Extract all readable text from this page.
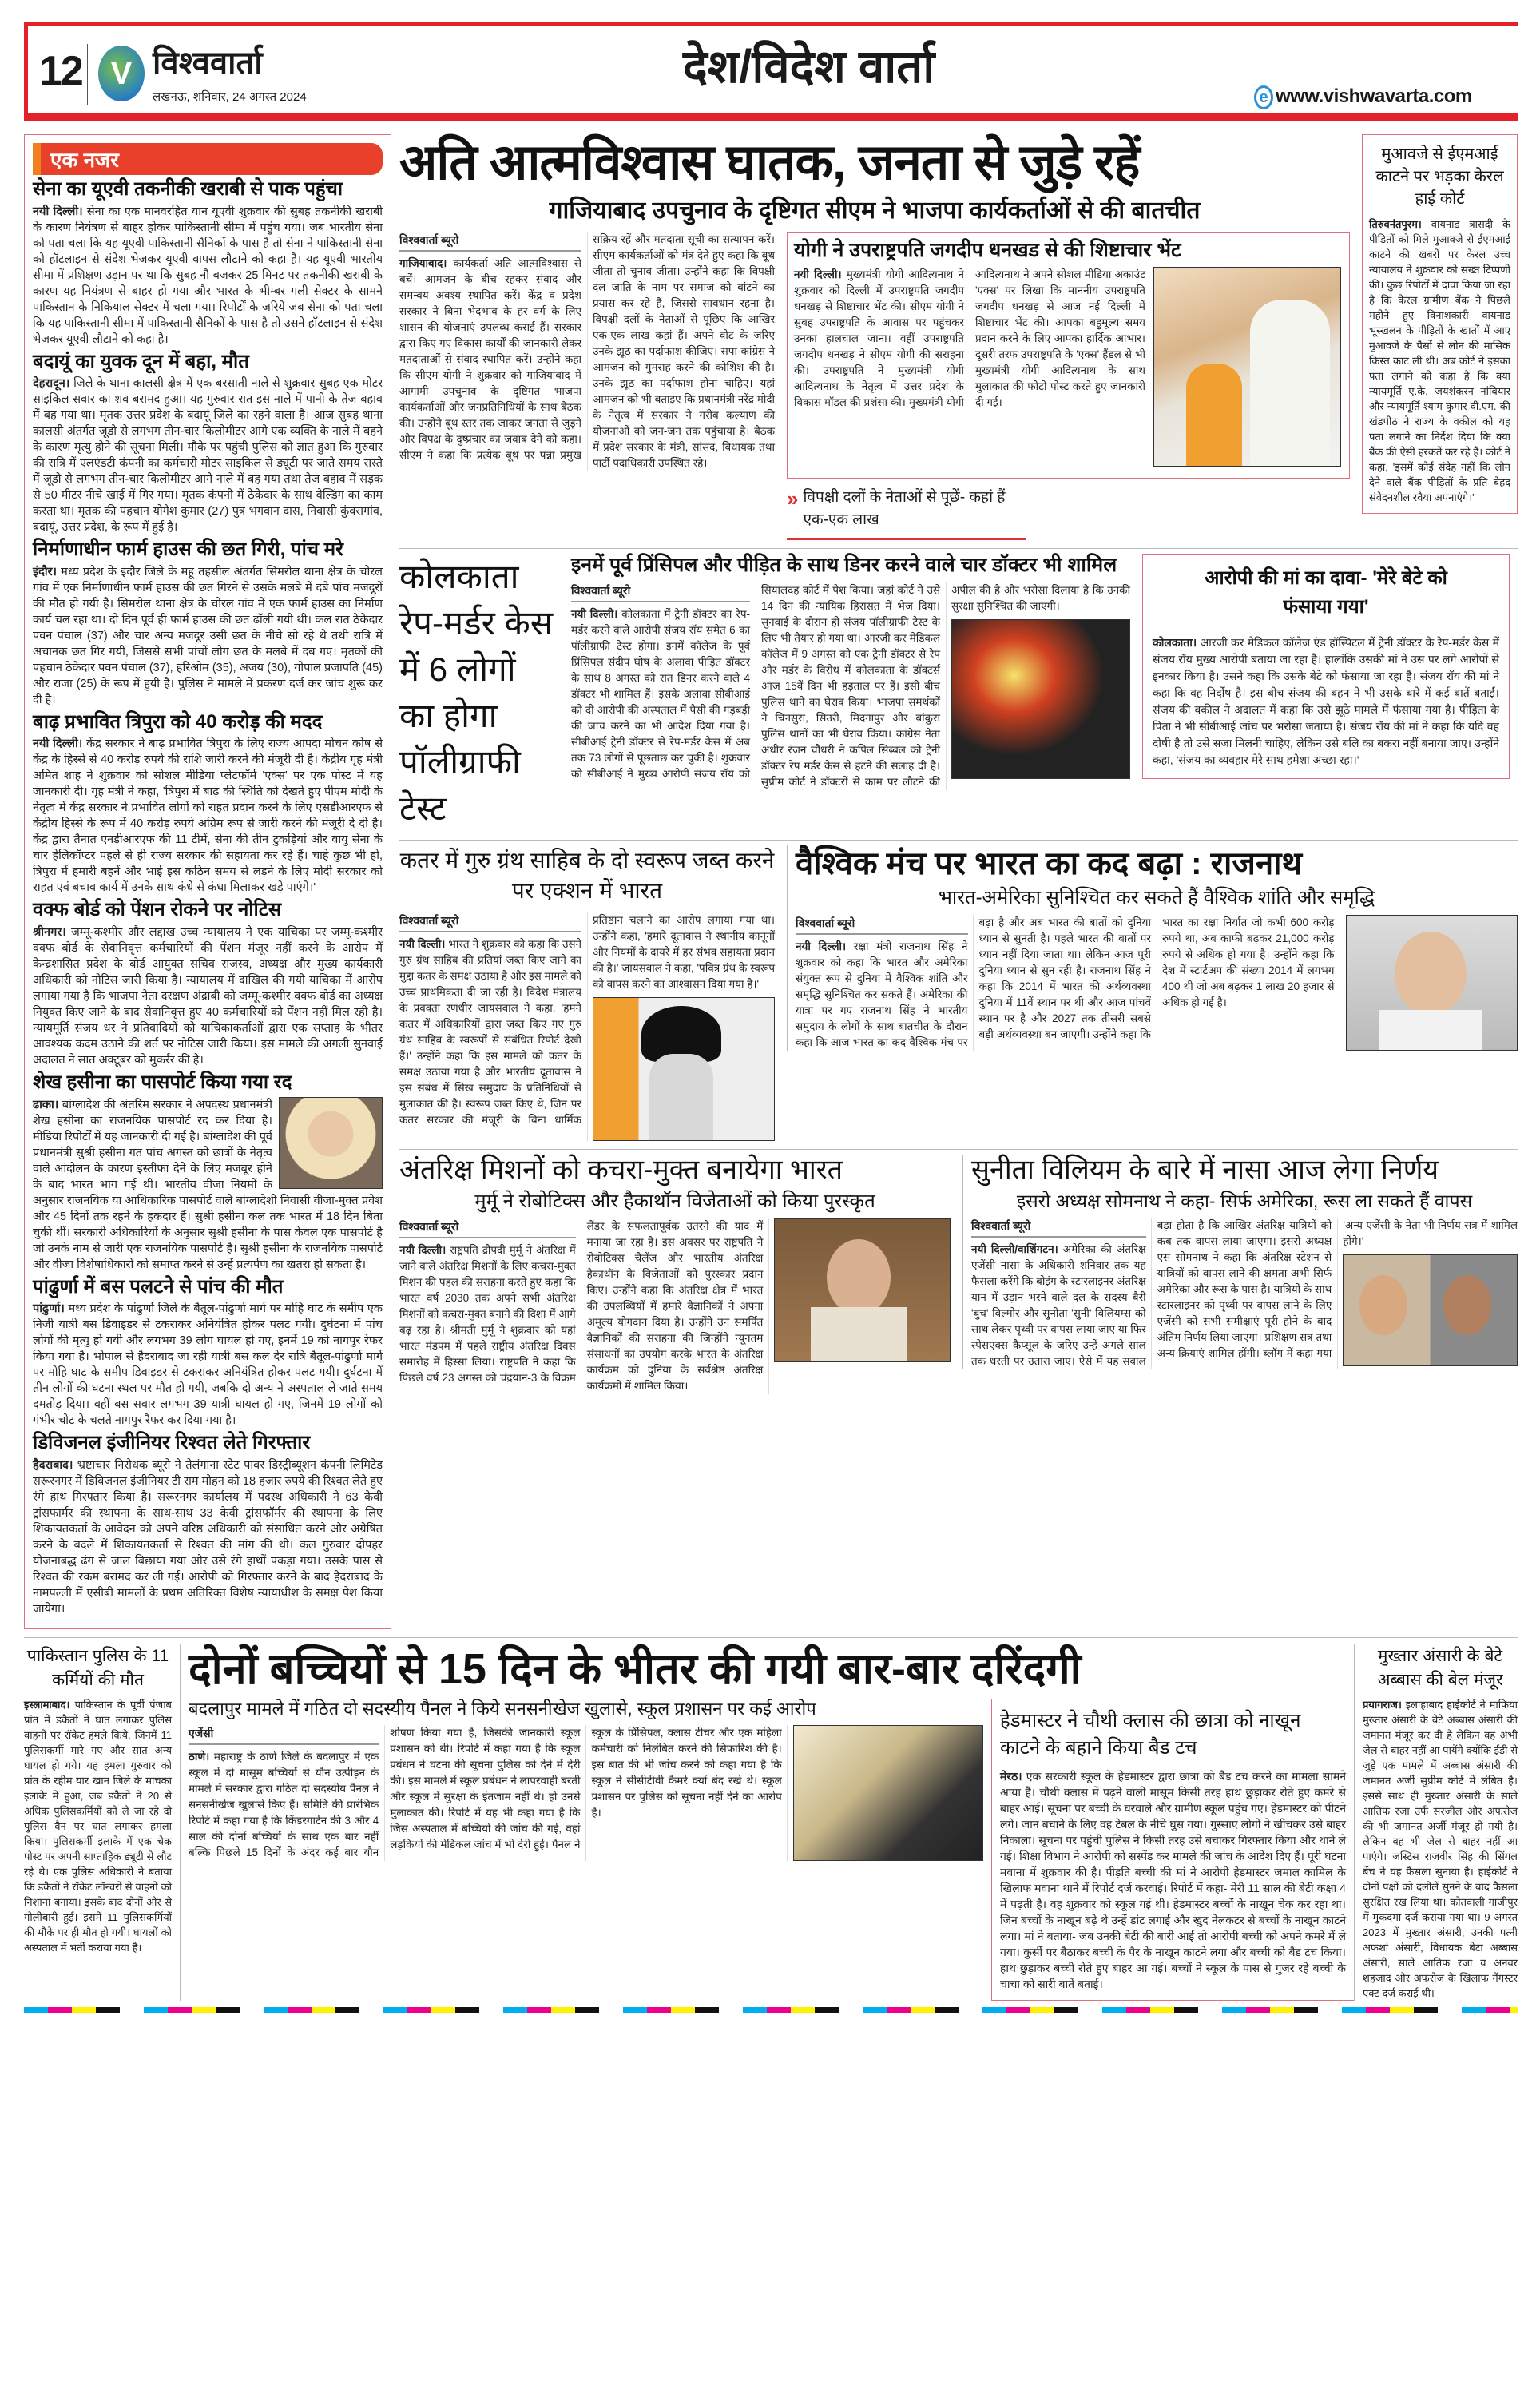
12 V विश्ववार्ता
लखनऊ, शनिवार, 24 अगस्त 2024
देश/विदेश वार्ता
e www.vishwavarta.com
एक नजर
सेना का यूएवी तकनीकी खराबी से पाक पहुंचा
नयी दिल्ली। सेना का एक मानवरहित यान यूएवी शुक्रवार की सुबह तकनीकी खराबी के कारण नियंत्रण से बाहर होकर पाकिस्तानी सीमा में पहुंच गया। जब भारतीय सेना को पता चला कि यह यूएवी पाकिस्तानी सैनिकों के पास है तो सेना ने पाकिस्तानी सेना को हॉटलाइन से संदेश भेजकर यूएवी वापस लौटाने को कहा है। यह यूएवी भारतीय सीमा में प्रशिक्षण उड़ान पर था कि सुबह नौ बजकर 25 मिनट पर तकनीकी खराबी के कारण यह नियंत्रण से बाहर हो गया और भारत के भीम्बर गली सेक्टर के सामने पाकिस्तान के निकियाल सेक्टर में चला गया। रिपोर्टों के जरिये जब सेना को पता चला कि यह पाकिस्तानी सीमा में पाकिस्तानी सैनिकों के पास है तो उसने हॉटलाइन से संदेश भेजकर यूएवी लौटाने को कहा है।
बदायूं का युवक दून में बहा, मौत
देहरादून। जिले के थाना कालसी क्षेत्र में एक बरसाती नाले से शुक्रवार सुबह एक मोटर साइकिल सवार का शव बरामद हुआ। यह गुरुवार रात इस नाले में पानी के तेज बहाव में बह गया था। मृतक उत्तर प्रदेश के बदायूं जिले का रहने वाला है। आज सुबह थाना कालसी अंतर्गत जूडो से लगभग तीन-चार किलोमीटर आगे एक व्यक्ति के नाले में बहने के कारण मृत्यु होने की सूचना मिली। मौके पर पहुंची पुलिस को ज्ञात हुआ कि गुरुवार की रात्रि में एलएंडटी कंपनी का कर्मचारी मोटर साइकिल से ड्यूटी पर जाते समय रास्ते में जूडो से लगभग तीन-चार किलोमीटर आगे नाले में बह गया तथा तेज बहाव में सड़क से 50 मीटर नीचे खाई में गिर गया। मृतक कंपनी में ठेकेदार के साथ वेल्डिंग का काम करता था। मृतक की पहचान योगेश कुमार (27) पुत्र भगवान दास, निवासी कुंवरागांव, बदायूं, उत्तर प्रदेश, के रूप में हुई है।
निर्माणाधीन फार्म हाउस की छत गिरी, पांच मरे
इंदौर। मध्य प्रदेश के इंदौर जिले के महू तहसील अंतर्गत सिमरोल थाना क्षेत्र के चोरल गांव में एक निर्माणाधीन फार्म हाउस की छत गिरने से उसके मलबे में दबे पांच मजदूरों की मौत हो गयी है। सिमरोल थाना क्षेत्र के चोरल गांव में एक फार्म हाउस का निर्माण कार्य चल रहा था। दो दिन पूर्व ही फार्म हाउस की छत ढॉली गयी थी। कल रात ठेकेदार पवन पंचाल (37) और चार अन्य मजदूर उसी छत के नीचे सो रहे थे तथी रात्रि में अचानक छत गिर गयी, जिससे सभी पांचों लोग छत के मलबे में दब गए। मृतकों की पहचान ठेकेदार पवन पंचाल (37), हरिओम (35), अजय (30), गोपाल प्रजापति (45) और राजा (25) के रूप में हुयी है। पुलिस ने मामले में प्रकरण दर्ज कर जांच शुरू कर दी है।
बाढ़ प्रभावित त्रिपुरा को 40 करोड़ की मदद
नयी दिल्ली। केंद्र सरकार ने बाढ़ प्रभावित त्रिपुरा के लिए राज्य आपदा मोचन कोष से केंद्र के हिस्से से 40 करोड़ रुपये की राशि जारी करने की मंजूरी दी है। केंद्रीय गृह मंत्री अमित शाह ने शुक्रवार को सोशल मीडिया प्लेटफॉर्म 'एक्स' पर एक पोस्ट में यह जानकारी दी। गृह मंत्री ने कहा, 'त्रिपुरा में बाढ़ की स्थिति को देखते हुए पीएम मोदी के नेतृत्व में केंद्र सरकार ने प्रभावित लोगों को राहत प्रदान करने के लिए एसडीआरएफ से केंद्रीय हिस्से के रूप में 40 करोड़ रुपये अग्रिम रूप से जारी करने की मंजूरी दे दी है। केंद्र द्वारा तैनात एनडीआरएफ की 11 टीमें, सेना की तीन टुकड़ियां और वायु सेना के चार हेलिकॉप्टर पहले से ही राज्य सरकार की सहायता कर रहे हैं। चाहे कुछ भी हो, त्रिपुरा में हमारी बहनें और भाई इस कठिन समय से लड़ने के लिए मोदी सरकार को राहत एवं बचाव कार्य में उनके साथ कंधे से कंधा मिलाकर खड़े पाएंगे।'
वक्फ बोर्ड को पेंशन रोकने पर नोटिस
श्रीनगर। जम्मू-कश्मीर और लद्दाख उच्च न्यायालय ने एक याचिका पर जम्मू-कश्मीर वक्फ बोर्ड के सेवानिवृत्त कर्मचारियों की पेंशन मंजूर नहीं करने के आरोप में केन्द्रशासित प्रदेश के बोर्ड आयुक्त सचिव राजस्व, अध्यक्ष और मुख्य कार्यकारी अधिकारी को नोटिस जारी किया है। न्यायालय में दाखिल की गयी याचिका में आरोप लगाया गया है कि भाजपा नेता दरक्षण अंद्राबी को जम्मू-कश्मीर वक्फ बोर्ड का अध्यक्ष नियुक्त किए जाने के बाद सेवानिवृत्त हुए 40 कर्मचारियों को पेंशन नहीं मिल रही है। न्यायमूर्ति संजय धर ने प्रतिवादियों को याचिकाकर्ताओं द्वारा एक सप्ताह के भीतर आवश्यक कदम उठाने की शर्त पर नोटिस जारी किया। इस मामले की अगली सुनवाई अदालत ने सात अक्टूबर को मुकर्रर की है।
शेख हसीना का पासपोर्ट किया गया रद
ढाका। बांग्लादेश की अंतरिम सरकार ने अपदस्थ प्रधानमंत्री शेख हसीना का राजनयिक पासपोर्ट रद कर दिया है। मीडिया रिपोर्टों में यह जानकारी दी गई है। बांग्लादेश की पूर्व प्रधानमंत्री सुश्री हसीना गत पांच अगस्त को छात्रों के नेतृत्व वाले आंदोलन के कारण इस्तीफा देने के लिए मजबूर होने के बाद भारत भाग गई थीं। भारतीय वीजा नियमों के अनुसार राजनयिक या आधिकारिक पासपोर्ट वाले बांग्लादेशी निवासी वीजा-मुक्त प्रवेश और 45 दिनों तक रहने के हकदार हैं। सुश्री हसीना कल तक भारत में 18 दिन बिता चुकी थीं। सरकारी अधिकारियों के अनुसार सुश्री हसीना के पास केवल एक पासपोर्ट है जो उनके नाम से जारी एक राजनयिक पासपोर्ट है। सुश्री हसीना के राजनयिक पासपोर्ट और वीजा विशेषाधिकारों को समाप्त करने से उन्हें प्रत्यर्पण का खतरा हो सकता है।
पांढुर्णा में बस पलटने से पांच की मौत
पांढुर्णा। मध्य प्रदेश के पांढुर्णा जिले के बैतूल-पांढुर्णा मार्ग पर मोहि घाट के समीप एक निजी यात्री बस डिवाइडर से टकराकर अनियंत्रित होकर पलट गयी। दुर्घटना में पांच लोगों की मृत्यु हो गयी और लगभग 39 लोग घायल हो गए, इनमें 19 को नागपुर रेफर किया गया है। भोपाल से हैदराबाद जा रही यात्री बस कल देर रात्रि बैतूल-पांढुर्णा मार्ग पर मोहि घाट के समीप डिवाइडर से टकराकर अनियंत्रित होकर पलट गयी। दुर्घटना में तीन लोगों की घटना स्थल पर मौत हो गयी, जबकि दो अन्य ने अस्पताल ले जाते समय दमतोड़ दिया। वहीं बस सवार लगभग 39 यात्री घायल हो गए, जिनमें 19 लोगों को गंभीर चोट के चलते नागपुर रैफर कर दिया गया है।
डिविजनल इंजीनियर रिश्वत लेते गिरफ्तार
हैदराबाद। भ्रष्टाचार निरोधक ब्यूरो ने तेलंगाना स्टेट पावर डिस्ट्रीब्यूशन कंपनी लिमिटेड सरूरनगर में डिविजनल इंजीनियर टी राम मोहन को 18 हजार रुपये की रिश्वत लेते हुए रंगे हाथ गिरफ्तार किया है। सरूरनगर कार्यालय में पदस्थ अधिकारी ने 63 केवी ट्रांसफार्मर की स्थापना के साथ-साथ 33 केवी ट्रांसफॉर्मर की स्थापना के लिए शिकायतकर्ता के आवेदन को अपने वरिष्ठ अधिकारी को संसाधित करने और अग्रेषित करने के बदले में शिकायतकर्ता से रिश्वत की मांग की थी। कल गुरुवार दोपहर योजनाबद्ध ढंग से जाल बिछाया गया और उसे रंगे हाथों पकड़ा गया। उसके पास से रिश्वत की रकम बरामद कर ली गई। आरोपी को गिरफ्तार करने के बाद हैदराबाद के नामपल्ली में एसीबी मामलों के प्रथम अतिरिक्त विशेष न्यायाधीश के समक्ष पेश किया जायेगा।
अति आत्मविश्वास घातक, जनता से जुड़े रहें
गाजियाबाद उपचुनाव के दृष्टिगत सीएम ने भाजपा कार्यकर्ताओं से की बातचीत
विश्ववार्ता ब्यूरो
गाजियाबाद। कार्यकर्ता अति आत्मविश्वास से बचें। आमजन के बीच रहकर संवाद और समन्वय अवश्य स्थापित करें। केंद्र व प्रदेश सरकार ने बिना भेदभाव के हर वर्ग के लिए शासन की योजनाएं उपलब्ध कराई हैं। सरकार द्वारा किए गए विकास कार्यों की जानकारी लेकर मतदाताओं से संवाद स्थापित करें। उन्होंने कहा कि सीएम योगी ने शुक्रवार को गाजियाबाद में आगामी उपचुनाव के दृष्टिगत भाजपा कार्यकर्ताओं और जनप्रतिनिधियों के साथ बैठक की। उन्होंने बूथ स्तर तक जाकर जनता से जुड़ने और विपक्ष के दुष्प्रचार का जवाब देने को कहा। सीएम ने कहा कि प्रत्येक बूथ पर पन्ना प्रमुख सक्रिय रहें और मतदाता सूची का सत्यापन करें। सीएम कार्यकर्ताओं को मंत्र देते हुए कहा कि बूथ जीता तो चुनाव जीता। उन्होंने कहा कि विपक्षी दल जाति के नाम पर समाज को बांटने का प्रयास कर रहे हैं, जिससे सावधान रहना है। विपक्षी दलों के नेताओं से पूछिए कि आखिर एक-एक लाख कहां हैं। अपने वोट के जरिए उनके झूठ का पर्दाफाश कीजिए। सपा-कांग्रेस ने आमजन को गुमराह करने की कोशिश की है। उनके झूठ का पर्दाफाश होना चाहिए। यहां आमजन को भी बताइए कि प्रधानमंत्री नरेंद्र मोदी के नेतृत्व में सरकार ने गरीब कल्याण की योजनाओं को जन-जन तक पहुंचाया है। बैठक में प्रदेश सरकार के मंत्री, सांसद, विधायक तथा पार्टी पदाधिकारी उपस्थित रहे।
योगी ने उपराष्ट्रपति जगदीप धनखड से की शिष्टाचार भेंट
नयी दिल्ली। मुख्यमंत्री योगी आदित्यनाथ ने शुक्रवार को दिल्ली में उपराष्ट्रपति जगदीप धनखड़ से शिष्टाचार भेंट की। सीएम योगी ने सुबह उपराष्ट्रपति के आवास पर पहुंचकर उनका हालचाल जाना। वहीं उपराष्ट्रपति जगदीप धनखड़ ने सीएम योगी की सराहना की। उपराष्ट्रपति ने मुख्यमंत्री योगी आदित्यनाथ के नेतृत्व में उत्तर प्रदेश के विकास मॉडल की प्रशंसा की। मुख्यमंत्री योगी आदित्यनाथ ने अपने सोशल मीडिया अकाउंट 'एक्स' पर लिखा कि माननीय उपराष्ट्रपति जगदीप धनखड़ से आज नई दिल्ली में शिष्टाचार भेंट की। आपका बहुमूल्य समय प्रदान करने के लिए आपका हार्दिक आभार। दूसरी तरफ उपराष्ट्रपति के 'एक्स' हैंडल से भी मुख्यमंत्री योगी आदित्यनाथ के साथ मुलाकात की फोटो पोस्ट करते हुए जानकारी दी गई।
» विपक्षी दलों के नेताओं से पूछें- कहां हैं एक-एक लाख
मुआवजे से ईएमआई काटने पर भड़का केरल हाई कोर्ट
तिरुवनंतपुरम। वायनाड त्रासदी के पीड़ितों को मिले मुआवजे से ईएमआई काटने की खबरों पर केरल उच्च न्यायालय ने शुक्रवार को सख्त टिप्पणी की। कुछ रिपोर्टों में दावा किया जा रहा है कि केरल ग्रामीण बैंक ने पिछले महीने हुए विनाशकारी वायनाड भूस्खलन के पीड़ितों के खातों में आए मुआवजे के पैसों से लोन की मासिक किस्त काट ली थी। अब कोर्ट ने इसका पता लगाने को कहा है कि क्या न्यायमूर्ति ए.के. जयशंकरन नांबियार और न्यायमूर्ति श्याम कुमार वी.एम. की खंडपीठ ने राज्य के वकील को यह पता लगाने का निर्देश दिया कि क्या बैंक की ऐसी हरकतें कर रहे हैं। कोर्ट ने कहा, 'इसमें कोई संदेह नहीं कि लोन देने वाले बैंक पीड़ितों के प्रति बेहद संवेदनशील रवैया अपनाएंगे।'
कोलकाता रेप-मर्डर केस में 6 लोगों का होगा पॉलीग्राफी टेस्ट
इनमें पूर्व प्रिंसिपल और पीड़ित के साथ डिनर करने वाले चार डॉक्टर भी शामिल
विश्ववार्ता ब्यूरो
नयी दिल्ली। कोलकाता में ट्रेनी डॉक्टर का रेप-मर्डर करने वाले आरोपी संजय रॉय समेत 6 का पॉलीग्राफी टेस्ट होगा। इनमें कॉलेज के पूर्व प्रिंसिपल संदीप घोष के अलावा पीड़ित डॉक्टर के साथ 8 अगस्त को रात डिनर करने वाले 4 डॉक्टर भी शामिल हैं। इसके अलावा सीबीआई को दी आरोपी की अस्पताल में पैसी की गड़बड़ी की जांच करने का भी आदेश दिया गया है। सीबीआई ट्रेनी डॉक्टर से रेप-मर्डर केस में अब तक 73 लोगों से पूछताछ कर चुकी है। शुक्रवार को सीबीआई ने मुख्य आरोपी संजय रॉय को सियालदह कोर्ट में पेश किया। जहां कोर्ट ने उसे 14 दिन की न्यायिक हिरासत में भेज दिया। सुनवाई के दौरान ही संजय पॉलीग्राफी टेस्ट के लिए भी तैयार हो गया था। आरजी कर मेडिकल कॉलेज में 9 अगस्त को एक ट्रेनी डॉक्टर से रेप और मर्डर के विरोध में कोलकाता के डॉक्टर्स आज 15वें दिन भी हड़ताल पर हैं। इसी बीच पुलिस थाने का घेराव किया। भाजपा समर्थकों ने चिनसुरा, सिउरी, मिदनापुर और बांकुरा पुलिस थानों का भी घेराव किया। कांग्रेस नेता अधीर रंजन चौधरी ने कपिल सिब्बल को ट्रेनी डॉक्टर रेप मर्डर केस से हटने की सलाह दी है। सुप्रीम कोर्ट ने डॉक्टरों से काम पर लौटने की अपील की है और भरोसा दिलाया है कि उनकी सुरक्षा सुनिश्चित की जाएगी।
आरोपी की मां का दावा- 'मेरे बेटे को फंसाया गया'
कोलकाता। आरजी कर मेडिकल कॉलेज एंड हॉस्पिटल में ट्रेनी डॉक्टर के रेप-मर्डर केस में संजय रॉय मुख्य आरोपी बताया जा रहा है। हालांकि उसकी मां ने उस पर लगे आरोपों से इनकार किया है। उसने कहा कि उसके बेटे को फंसाया जा रहा है। संजय रॉय की मां ने कहा कि वह निर्दोष है। इस बीच संजय की बहन ने भी उसके बारे में कई बातें बताईं। संजय की वकील ने अदालत में कहा कि उसे झूठे मामले में फंसाया गया है। पीड़िता के पिता ने भी सीबीआई जांच पर भरोसा जताया है। संजय रॉय की मां ने कहा कि यदि वह दोषी है तो उसे सजा मिलनी चाहिए, लेकिन उसे बलि का बकरा नहीं बनाया जाए। उन्होंने कहा, 'संजय का व्यवहार मेरे साथ हमेशा अच्छा रहा।'
कतर में गुरु ग्रंथ साहिब के दो स्वरूप जब्त करने पर एक्शन में भारत
विश्ववार्ता ब्यूरो
नयी दिल्ली। भारत ने शुक्रवार को कहा कि उसने गुरु ग्रंथ साहिब की प्रतियां जब्त किए जाने का मुद्दा कतर के समक्ष उठाया है और इस मामले को उच्च प्राथमिकता दी जा रही है। विदेश मंत्रालय के प्रवक्ता रणधीर जायसवाल ने कहा, 'हमने कतर में अधिकारियों द्वारा जब्त किए गए गुरु ग्रंथ साहिब के स्वरूपों से संबंधित रिपोर्ट देखी हैं।' उन्होंने कहा कि इस मामले को कतर के समक्ष उठाया गया है और भारतीय दूतावास ने इस संबंध में सिख समुदाय के प्रतिनिधियों से मुलाकात की है। स्वरूप जब्त किए थे, जिन पर कतर सरकार की मंजूरी के बिना धार्मिक प्रतिष्ठान चलाने का आरोप लगाया गया था। उन्होंने कहा, 'हमारे दूतावास ने स्थानीय कानूनों और नियमों के दायरे में हर संभव सहायता प्रदान की है।' जायसवाल ने कहा, 'पवित्र ग्रंथ के स्वरूप को वापस करने का आश्वासन दिया गया है।'
वैश्विक मंच पर भारत का कद बढ़ा : राजनाथ
भारत-अमेरिका सुनिश्चित कर सकते हैं वैश्विक शांति और समृद्धि
विश्ववार्ता ब्यूरो
नयी दिल्ली। रक्षा मंत्री राजनाथ सिंह ने शुक्रवार को कहा कि भारत और अमेरिका संयुक्त रूप से दुनिया में वैश्विक शांति और समृद्धि सुनिश्चित कर सकते हैं। अमेरिका की यात्रा पर गए राजनाथ सिंह ने भारतीय समुदाय के लोगों के साथ बातचीत के दौरान कहा कि आज भारत का कद वैश्विक मंच पर बढ़ा है और अब भारत की बातों को दुनिया ध्यान से सुनती है। पहले भारत की बातों पर ध्यान नहीं दिया जाता था। लेकिन आज पूरी दुनिया ध्यान से सुन रही है। राजनाथ सिंह ने कहा कि 2014 में भारत की अर्थव्यवस्था दुनिया में 11वें स्थान पर थी और आज पांचवें स्थान पर है और 2027 तक तीसरी सबसे बड़ी अर्थव्यवस्था बन जाएगी। उन्होंने कहा कि भारत का रक्षा निर्यात जो कभी 600 करोड़ रुपये था, अब काफी बढ़कर 21,000 करोड़ रुपये से अधिक हो गया है। उन्होंने कहा कि देश में स्टार्टअप की संख्या 2014 में लगभग 400 थी जो अब बढ़कर 1 लाख 20 हजार से अधिक हो गई है।
अंतरिक्ष मिशनों को कचरा-मुक्त बनायेगा भारत
मुर्मू ने रोबोटिक्स और हैकाथॉन विजेताओं को किया पुरस्कृत
विश्ववार्ता ब्यूरो
नयी दिल्ली। राष्ट्रपति द्रौपदी मुर्मू ने अंतरिक्ष में जाने वाले अंतरिक्ष मिशनों के लिए कचरा-मुक्त मिशन की पहल की सराहना करते हुए कहा कि भारत वर्ष 2030 तक अपने सभी अंतरिक्ष मिशनों को कचरा-मुक्त बनाने की दिशा में आगे बढ़ रहा है। श्रीमती मुर्मू ने शुक्रवार को यहां भारत मंडपम में पहले राष्ट्रीय अंतरिक्ष दिवस समारोह में हिस्सा लिया। राष्ट्रपति ने कहा कि पिछले वर्ष 23 अगस्त को चंद्रयान-3 के विक्रम लैंडर के सफलतापूर्वक उतरने की याद में मनाया जा रहा है। इस अवसर पर राष्ट्रपति ने रोबोटिक्स चैलेंज और भारतीय अंतरिक्ष हैकाथॉन के विजेताओं को पुरस्कार प्रदान किए। उन्होंने कहा कि अंतरिक्ष क्षेत्र में भारत की उपलब्धियों में हमारे वैज्ञानिकों ने अपना अमूल्य योगदान दिया है। उन्होंने उन समर्पित वैज्ञानिकों की सराहना की जिन्होंने न्यूनतम संसाधनों का उपयोग करके भारत के अंतरिक्ष कार्यक्रम को दुनिया के सर्वश्रेष्ठ अंतरिक्ष कार्यक्रमों में शामिल किया।
सुनीता विलियम के बारे में नासा आज लेगा निर्णय
इसरो अध्यक्ष सोमनाथ ने कहा- सिर्फ अमेरिका, रूस ला सकते हैं वापस
विश्ववार्ता ब्यूरो
नयी दिल्ली/वाशिंगटन। अमेरिका की अंतरिक्ष एजेंसी नासा के अधिकारी शनिवार तक यह फैसला करेंगे कि बोइंग के स्टारलाइनर अंतरिक्ष यान में उड़ान भरने वाले दल के सदस्य बैरी 'बुच' विल्मोर और सुनीता 'सुनी' विलियम्स को साथ लेकर पृथ्वी पर वापस लाया जाए या फिर स्पेसएक्स कैप्सूल के जरिए उन्हें अगले साल तक धरती पर उतारा जाए। ऐसे में यह सवाल बड़ा होता है कि आखिर अंतरिक्ष यात्रियों को कब तक वापस लाया जाएगा। इसरो अध्यक्ष एस सोमनाथ ने कहा कि अंतरिक्ष स्टेशन से यात्रियों को वापस लाने की क्षमता अभी सिर्फ अमेरिका और रूस के पास है। यात्रियों के साथ स्टारलाइनर को पृथ्वी पर वापस लाने के लिए एजेंसी को सभी समीक्षाएं पूरी होने के बाद अंतिम निर्णय लिया जाएगा। प्रशिक्षण सत्र तथा अन्य क्रियाएं शामिल होंगी। ब्लॉग में कहा गया 'अन्य एजेंसी के नेता भी निर्णय सत्र में शामिल होंगे।'
पाकिस्तान पुलिस के 11 कर्मियों की मौत
इस्लामाबाद। पाकिस्तान के पूर्वी पंजाब प्रांत में डकैतों ने घात लगाकर पुलिस वाहनों पर रॉकेट हमले किये, जिनमें 11 पुलिसकर्मी मारे गए और सात अन्य घायल हो गये। यह हमला गुरुवार को प्रांत के रहीम यार खान जिले के माचका इलाके में हुआ, जब डकैतों ने 20 से अधिक पुलिसकर्मियों को ले जा रहे दो पुलिस वैन पर घात लगाकर हमला किया। पुलिसकर्मी इलाके में एक चेक पोस्ट पर अपनी साप्ताहिक ड्यूटी से लौट रहे थे। एक पुलिस अधिकारी ने बताया कि डकैतों ने रॉकेट लॉन्चरों से वाहनों को निशाना बनाया। इसके बाद दोनों ओर से गोलीबारी हुई। इसमें 11 पुलिसकर्मियों की मौके पर ही मौत हो गयी। घायलों को अस्पताल में भर्ती कराया गया है।
दोनों बच्चियों से 15 दिन के भीतर की गयी बार-बार दरिंदगी
बदलापुर मामले में गठित दो सदस्यीय पैनल ने किये सनसनीखेज खुलासे, स्कूल प्रशासन पर कई आरोप
एजेंसी
ठाणे। महाराष्ट्र के ठाणे जिले के बदलापुर में एक स्कूल में दो मासूम बच्चियों से यौन उत्पीड़न के मामले में सरकार द्वारा गठित दो सदस्यीय पैनल ने सनसनीखेज खुलासे किए हैं। समिति की प्रारंभिक रिपोर्ट में कहा गया है कि किंडरगार्टन की 3 और 4 साल की दोनों बच्चियों के साथ एक बार नहीं बल्कि पिछले 15 दिनों के अंदर कई बार यौन शोषण किया गया है, जिसकी जानकारी स्कूल प्रशासन को थी। रिपोर्ट में कहा गया है कि स्कूल प्रबंधन ने घटना की सूचना पुलिस को देने में देरी की। इस मामले में स्कूल प्रबंधन ने लापरवाही बरती और स्कूल में सुरक्षा के इंतजाम नहीं थे। हो उनसे मुलाकात की। रिपोर्ट में यह भी कहा गया है कि जिस अस्पताल में बच्चियों की जांच की गई, वहां लड़कियों की मेडिकल जांच में भी देरी हुई। पैनल ने स्कूल के प्रिंसिपल, क्लास टीचर और एक महिला कर्मचारी को निलंबित करने की सिफारिश की है। इस बात की भी जांच करने को कहा गया है कि स्कूल ने सीसीटीवी कैमरे क्यों बंद रखे थे। स्कूल प्रशासन पर पुलिस को सूचना नहीं देने का आरोप है।
हेडमास्टर ने चौथी क्लास की छात्रा को नाखून काटने के बहाने किया बैड टच
मेरठ। एक सरकारी स्कूल के हेडमास्टर द्वारा छात्रा को बैड टच करने का मामला सामने आया है। चौथी क्लास में पढ़ने वाली मासूम किसी तरह हाथ छुड़ाकर रोते हुए कमरे से बाहर आई। सूचना पर बच्ची के घरवाले और ग्रामीण स्कूल पहुंच गए। हेडमास्टर को पीटने लगे। जान बचाने के लिए वह टेबल के नीचे घुस गया। गुस्साए लोगों ने खींचकर उसे बाहर निकाला। सूचना पर पहुंची पुलिस ने किसी तरह उसे बचाकर गिरफ्तार किया और थाने ले गई। शिक्षा विभाग ने आरोपी को सस्पेंड कर मामले की जांच के आदेश दिए हैं। पूरी घटना मवाना में शुक्रवार की है। पीड़ति बच्ची की मां ने आरोपी हेडमास्टर जमाल कामिल के खिलाफ मवाना थाने में रिपोर्ट दर्ज करवाई। रिपोर्ट में कहा- मेरी 11 साल की बेटी कक्षा 4 में पढ़ती है। वह शुक्रवार को स्कूल गई थी। हेडमास्टर बच्चों के नाखून चेक कर रहा था। जिन बच्चों के नाखून बढ़े थे उन्हें डांट लगाई और खुद नेलकटर से बच्चों के नाखून काटने लगा। मां ने बताया- जब उनकी बेटी की बारी आई तो आरोपी बच्ची को अपने कमरे में ले गया। कुर्सी पर बैठाकर बच्ची के पैर के नाखून काटने लगा और बच्ची को बैड टच किया। हाथ छुड़ाकर बच्ची रोते हुए बाहर आ गई। बच्चों ने स्कूल के पास से गुजर रहे बच्ची के चाचा को सारी बातें बताई।
मुख्तार अंसारी के बेटे अब्बास की बेल मंजूर
प्रयागराज। इलाहाबाद हाईकोर्ट ने माफिया मुख्तार अंसारी के बेटे अब्बास अंसारी की जमानत मंजूर कर दी है लेकिन वह अभी जेल से बाहर नहीं आ पायेंगे क्योंकि ईडी से जुड़े एक मामले में अब्बास अंसारी की जमानत अर्जी सुप्रीम कोर्ट में लंबित है। इससे साथ ही मुख्तार अंसारी के साले आतिफ रजा उर्फ सरजील और अफरोज की भी जमानत अर्जी मंजूर हो गयी है। लेकिन वह भी जेल से बाहर नहीं आ पाएंगे। जस्टिस राजवीर सिंह की सिंगल बेंच ने यह फैसला सुनाया है। हाईकोर्ट ने दोनों पक्षों को दलीलें सुनने के बाद फैसला सुरक्षित रख लिया था। कोतवाली गाजीपुर में मुकदमा दर्ज कराया गया था। 9 अगस्त 2023 में मुख्तार अंसारी, उनकी पत्नी अफशां अंसारी, विधायक बेटा अब्बास अंसारी, साले आतिफ रजा व अनवर शहजाद और अफरोज के खिलाफ गैंगस्टर एक्ट दर्ज कराई थी।
